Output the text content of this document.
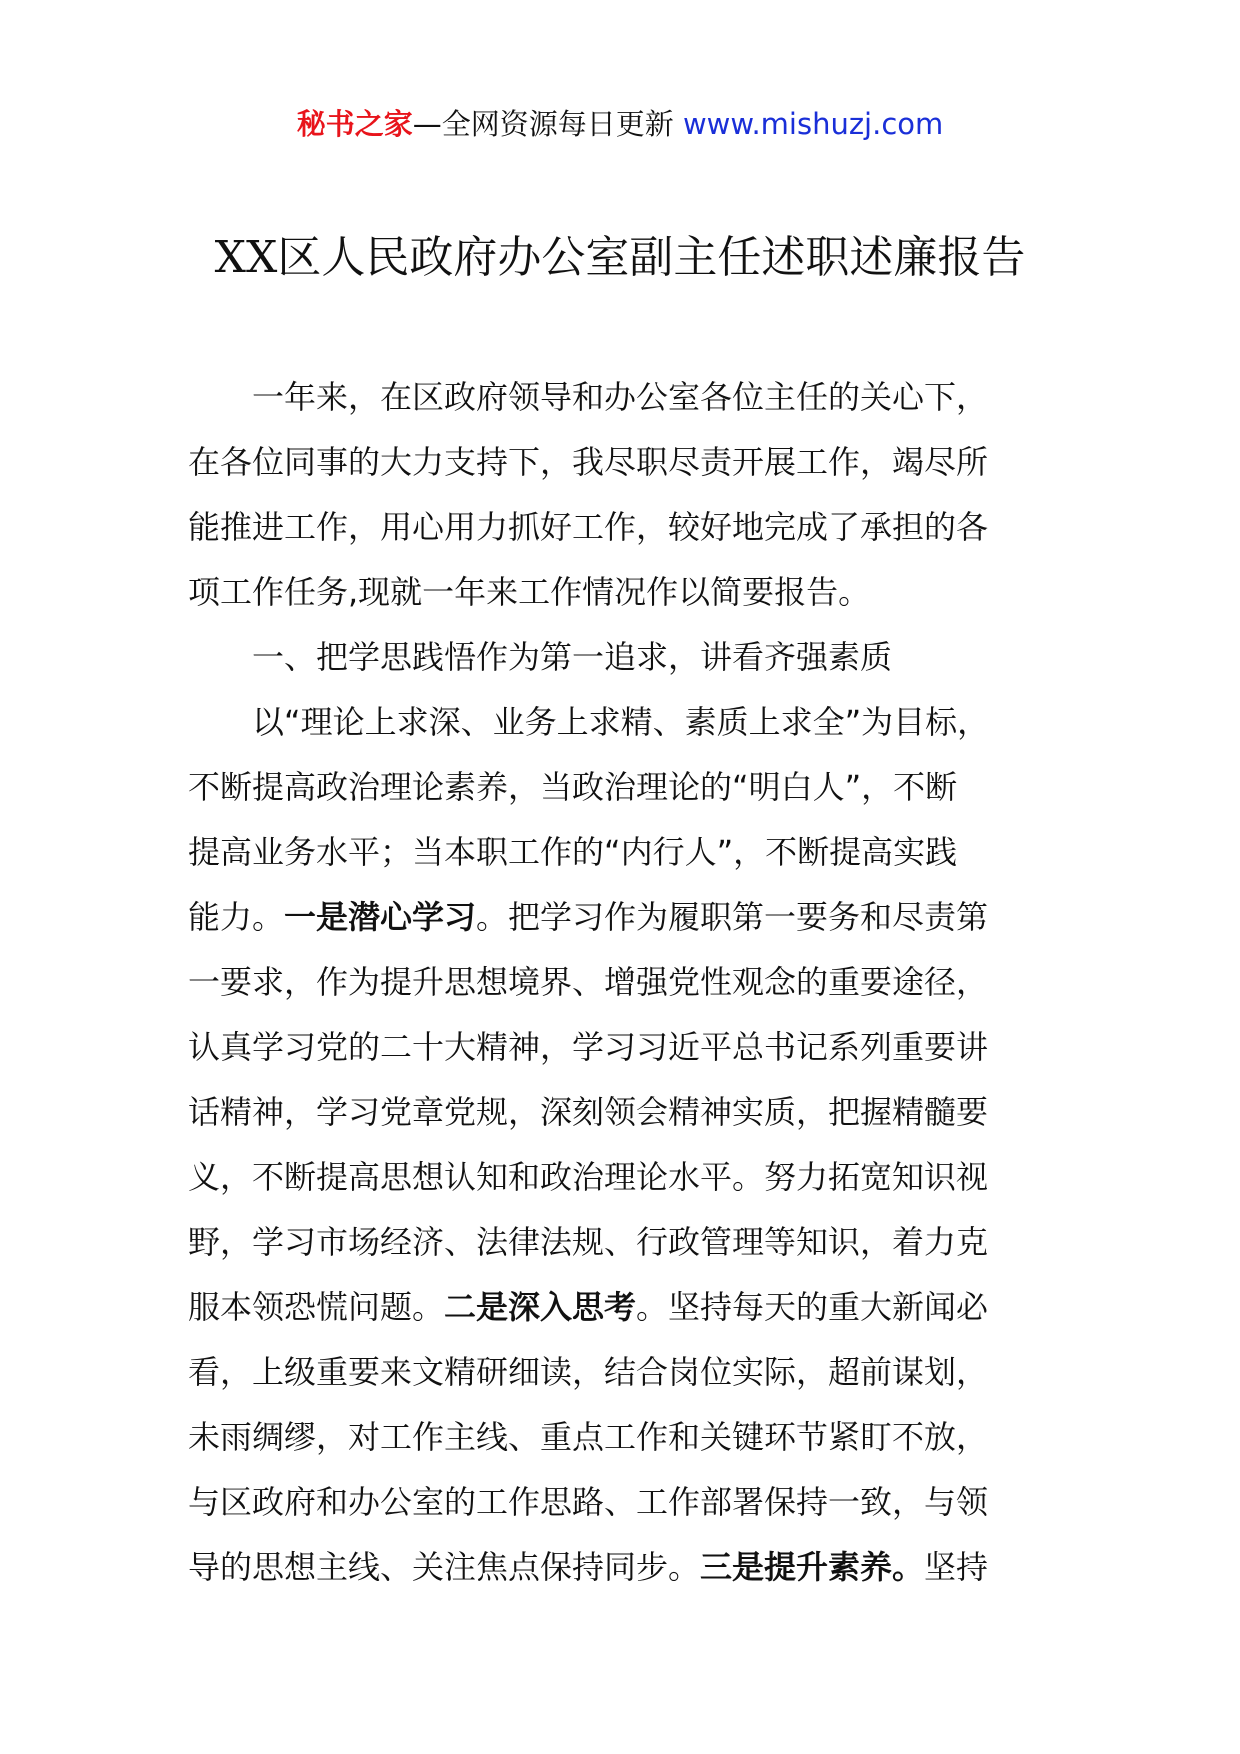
秘书之家—全网资源每日更新 www.mishuzj.com
XX区人民政府办公室副主任述职述廉报告
　　一年来，在区政府领导和办公室各位主任的关心下，
在各位同事的大力支持下，我尽职尽责开展工作，竭尽所
能推进工作，用心用力抓好工作，较好地完成了承担的各
项工作任务,现就一年来工作情况作以简要报告。
　　一、把学思践悟作为第一追求，讲看齐强素质
　　以“理论上求深、业务上求精、素质上求全”为目标，
不断提高政治理论素养，当政治理论的“明白人”，不断
提高业务水平；当本职工作的“内行人”，不断提高实践
能力。一是潜心学习。把学习作为履职第一要务和尽责第
一要求，作为提升思想境界、增强党性观念的重要途径，
认真学习党的二十大精神，学习习近平总书记系列重要讲
话精神，学习党章党规，深刻领会精神实质，把握精髓要
义，不断提高思想认知和政治理论水平。努力拓宽知识视
野，学习市场经济、法律法规、行政管理等知识，着力克
服本领恐慌问题。二是深入思考。坚持每天的重大新闻必
看，上级重要来文精研细读，结合岗位实际，超前谋划，
未雨绸缪，对工作主线、重点工作和关键环节紧盯不放，
与区政府和办公室的工作思路、工作部署保持一致，与领
导的思想主线、关注焦点保持同步。三是提升素养。坚持
